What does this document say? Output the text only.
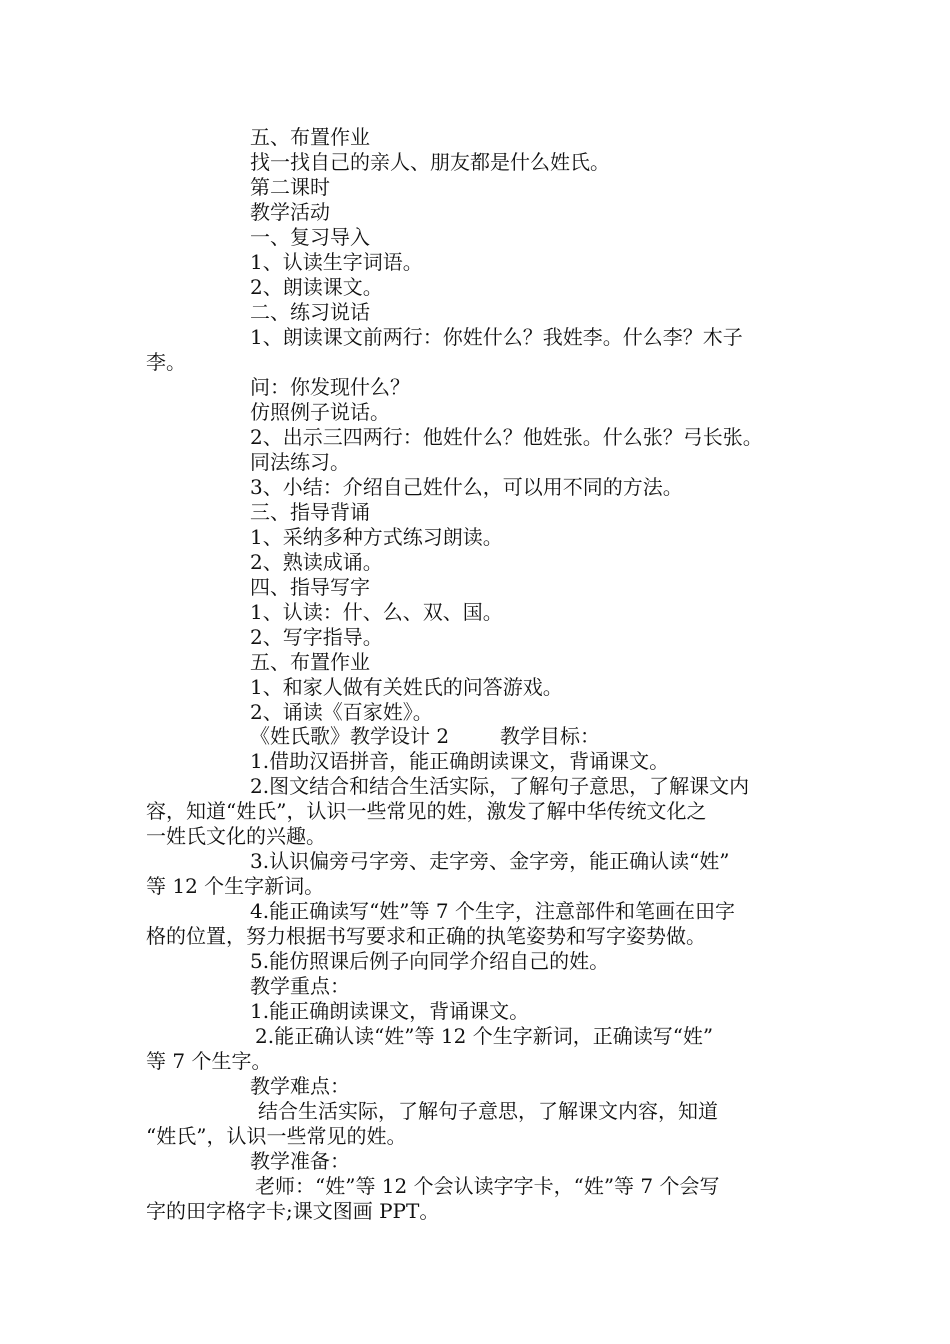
五、布置作业

找一找自己的亲人、朋友都是什么姓氏。

第二课时

教学活动

一、复习导入

1、认读生字词语。

2、朗读课文。

二、练习说话

1、朗读课文前两行：你姓什么？我姓李。什么李？木子

李。

问：你发现什么？

仿照例子说话。

2、出示三四两行：他姓什么？他姓张。什么张？弓长张。

同法练习。

3、小结：介绍自己姓什么，可以用不同的方法。

三、指导背诵

1、采纳多种方式练习朗读。

2、熟读成诵。

四、指导写字

1、认读：什、么、双、国。

2、写字指导。

五、布置作业

1、和家人做有关姓氏的问答游戏。

2、诵读《百家姓》。

《姓氏歌》教学设计 2        教学目标：

1.借助汉语拼音，能正确朗读课文，背诵课文。

2.图文结合和结合生活实际，了解句子意思，了解课文内

容，知道“姓氏”，认识一些常见的姓，激发了解中华传统文化之

一姓氏文化的兴趣。

3.认识偏旁弓字旁、走字旁、金字旁，能正确认读“姓”

等 12 个生字新词。

4.能正确读写“姓”等 7 个生字，注意部件和笔画在田字

格的位置，努力根据书写要求和正确的执笔姿势和写字姿势做。

5.能仿照课后例子向同学介绍自己的姓。

教学重点：

1.能正确朗读课文，背诵课文。

2.能正确认读“姓”等 12 个生字新词，正确读写“姓”

等 7 个生字。

教学难点：

结合生活实际，了解句子意思，了解课文内容，知道

“姓氏”，认识一些常见的姓。

教学准备：

老师：“姓”等 12 个会认读字字卡，“姓”等 7 个会写

字的田字格字卡;课文图画 PPT。
